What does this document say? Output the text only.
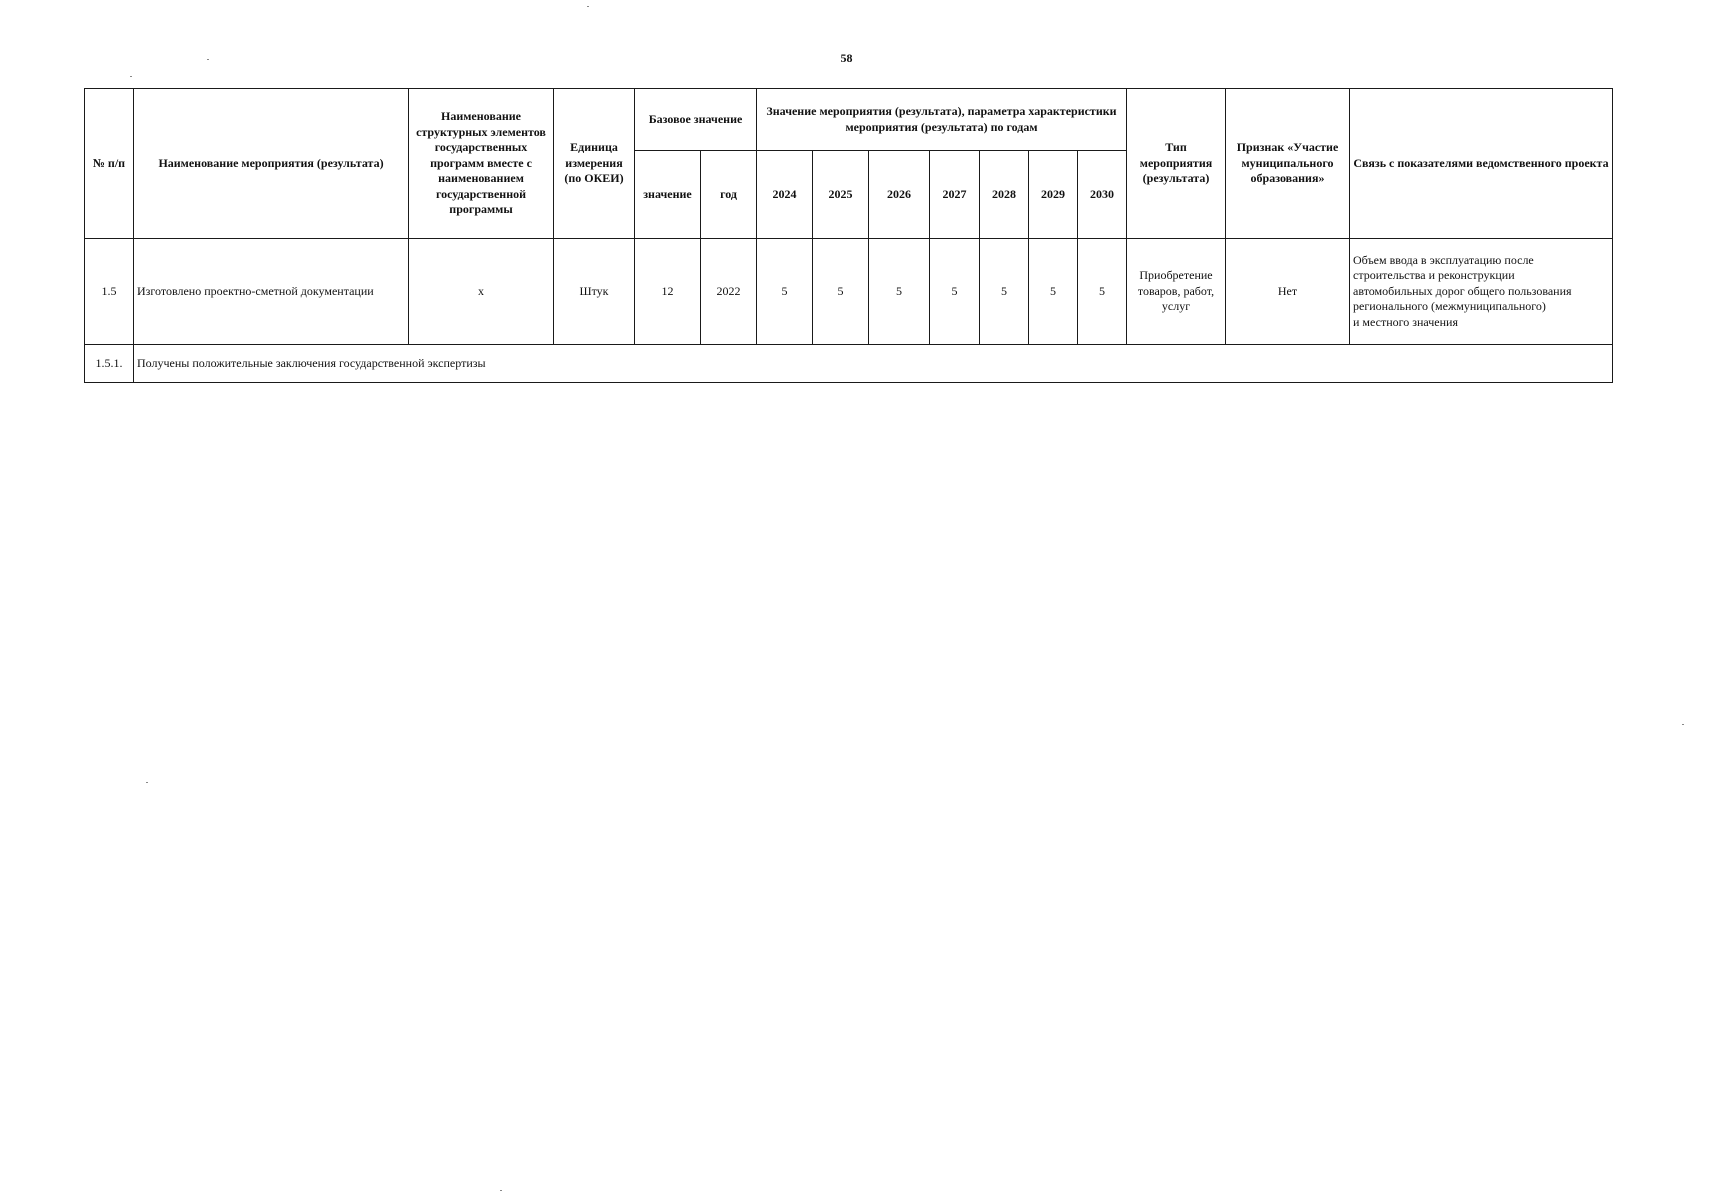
58
№ п/п	Наименование мероприятия (результата)	Наименование структурных элементов государственных программ вместе с наименованием государственной программы	Единица измерения (по ОКЕИ)	Базовое значение		Значение мероприятия (результата), параметра характеристики мероприятия (результата) по годам							Тип мероприятия (результата)	Признак «Участие муниципального образования»	Связь с показателями ведомственного проекта
				значение	год	2024	2025	2026	2027	2028	2029	2030			
1.5	Изготовлено проектно-сметной документации	х	Штук	12	2022	5	5	5	5	5	5	5	Приобретение товаров, работ, услуг	Нет	Объем ввода в эксплуатацию после
строительства и реконструкции
автомобильных дорог общего пользования
регионального (межмуниципального)
и местного значения

1.5.1.	Получены положительные заключения государственной экспертизы														
